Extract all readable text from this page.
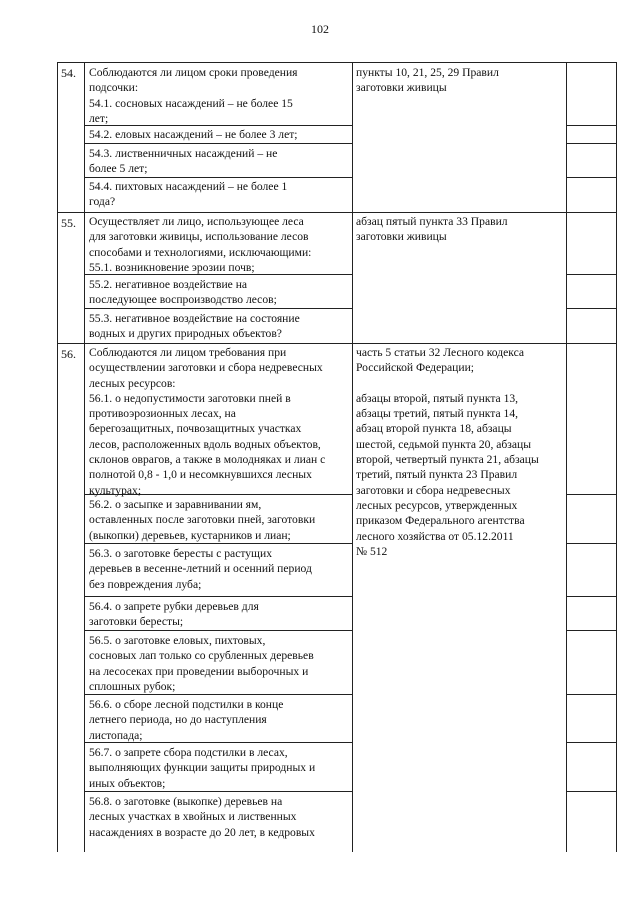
102
54. Соблюдаются ли лицом сроки проведения
подсочки:
54.1. сосновых насаждений – не более 15
лет;
54.2. еловых насаждений – не более 3 лет;
54.3. лиственничных насаждений – не
более 5 лет;
54.4. пихтовых насаждений – не более 1
года?
пункты 10, 21, 25, 29 Правил
заготовки живицы
55. Осуществляет ли лицо, использующее леса
для заготовки живицы, использование лесов
способами и технологиями, исключающими:
55.1. возникновение эрозии почв;
55.2. негативное воздействие на
последующее воспроизводство лесов;
55.3. негативное воздействие на состояние
водных и других природных объектов?
абзац пятый пункта 33 Правил
заготовки живицы
56. Соблюдаются ли лицом требования при
осуществлении заготовки и сбора недревесных
лесных ресурсов:
56.1. о недопустимости заготовки пней в
противоэрозионных лесах, на
берегозащитных, почвозащитных участках
лесов, расположенных вдоль водных объектов,
склонов оврагов, а также в молодняках и лиан с
полнотой 0,8 - 1,0 и несомкнувшихся лесных
культурах;
56.2. о засыпке и заравнивании ям,
оставленных после заготовки пней, заготовки
(выкопки) деревьев, кустарников и лиан;
56.3. о заготовке бересты с растущих
деревьев в весенне-летний и осенний период
без повреждения луба;
56.4. о запрете рубки деревьев для
заготовки бересты;
56.5. о заготовке еловых, пихтовых,
сосновых лап только со срубленных деревьев
на лесосеках при проведении выборочных и
сплошных рубок;
56.6. о сборе лесной подстилки в конце
летнего периода, но до наступления
листопада;
56.7. о запрете сбора подстилки в лесах,
выполняющих функции защиты природных и
иных объектов;
56.8. о заготовке (выкопке) деревьев на
лесных участках в хвойных и лиственных
насаждениях в возрасте до 20 лет, в кедровых
часть 5 статьи 32 Лесного кодекса
Российской Федерации;

абзацы второй, пятый пункта 13,
абзацы третий, пятый пункта 14,
абзац второй пункта 18, абзацы
шестой, седьмой пункта 20, абзацы
второй, четвертый пункта 21, абзацы
третий, пятый пункта 23 Правил
заготовки и сбора недревесных
лесных ресурсов, утвержденных
приказом Федерального агентства
лесного хозяйства от 05.12.2011
№ 512
